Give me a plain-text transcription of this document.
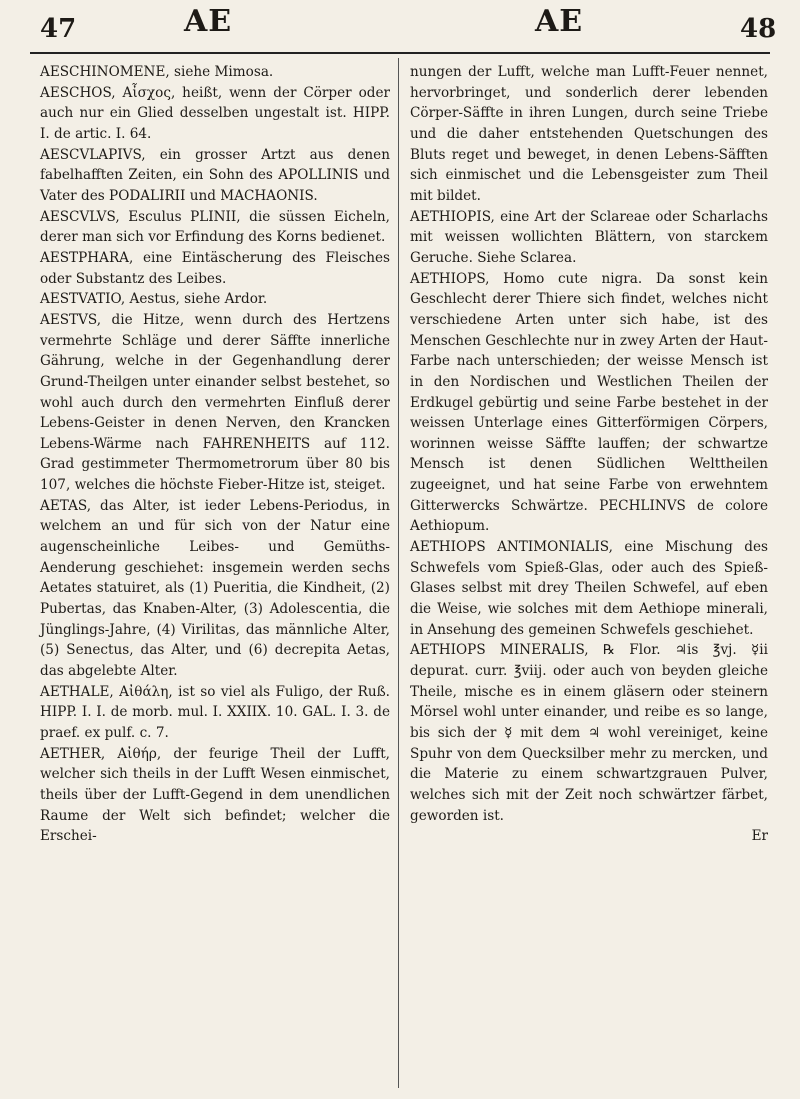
47	AE	AE	48

AESCHINOMENE, siehe Mimosa.

AESCHOS, Αἶσχος, heißt, wenn der Cörper oder auch nur ein Glied desselben ungestalt ist. HIPP. I. de artic. I. 64.

AESCVLAPIVS, ein grosser Artzt aus denen fabelhafften Zeiten, ein Sohn des APOLLINIS und Vater des PODALIRII und MACHAONIS.

AESCVLVS, Esculus PLINII, die süssen Eicheln, derer man sich vor Erfindung des Korns bedienet.

AESTPHARA, eine Eintäscherung des Fleisches oder Substantz des Leibes.

AESTVATIO, Aestus, siehe Ardor.

AESTVS, die Hitze, wenn durch des Hertzens vermehrte Schläge und derer Säffte innerliche Gährung, welche in der Gegenhandlung derer Grund-Theilgen unter einander selbst bestehet, so wohl auch durch den vermehrten Einfluß derer Lebens-Geister in denen Nerven, den Krancken Lebens-Wärme nach FAHRENHEITS auf 112. Grad gestimmeter Thermometrorum über 80 bis 107, welches die höchste Fieber-Hitze ist, steiget.

AETAS, das Alter, ist ieder Lebens-Periodus, in welchem an und für sich von der Natur eine augenscheinliche Leibes- und Gemüths-Aenderung geschiehet: insgemein werden sechs Aetates statuiret, als (1) Pueritia, die Kindheit, (2) Pubertas, das Knaben-Alter, (3) Adolescentia, die Jünglings-Jahre, (4) Virilitas, das männliche Alter, (5) Senectus, das Alter, und (6) decrepita Aetas, das abgelebte Alter.

AETHALE, Αἰθάλη, ist so viel als Fuligo, der Ruß. HIPP. I. I. de morb. mul. I. XXIIX. 10. GAL. I. 3. de praef. ex pulf. c. 7.

AETHER, Αἰθήρ, der feurige Theil der Lufft, welcher sich theils in der Lufft Wesen einmischet, theils über der Lufft-Gegend in dem unendlichen Raume der Welt sich befindet; welcher die Erschei-

nungen der Lufft, welche man Lufft-Feuer nennet, hervorbringet, und sonderlich derer lebenden Cörper-Säffte in ihren Lungen, durch seine Triebe und die daher entstehenden Quetschungen des Bluts reget und beweget, in denen Lebens-Säfften sich einmischet und die Lebensgeister zum Theil mit bildet.

AETHIOPIS, eine Art der Sclareae oder Scharlachs mit weissen wollichten Blättern, von starckem Geruche. Siehe Sclarea.

AETHIOPS, Homo cute nigra. Da sonst kein Geschlecht derer Thiere sich findet, welches nicht verschiedene Arten unter sich habe, ist des Menschen Geschlechte nur in zwey Arten der Haut-Farbe nach unterschieden; der weisse Mensch ist in den Nordischen und Westlichen Theilen der Erdkugel gebürtig und seine Farbe bestehet in der weissen Unterlage eines Gitterförmigen Cörpers, worinnen weisse Säffte lauffen; der schwartze Mensch ist denen Südlichen Welttheilen zugeeignet, und hat seine Farbe von erwehntem Gitterwercks Schwärtze. PECHLINVS de colore Aethiopum.

AETHIOPS ANTIMONIALIS, eine Mischung des Schwefels vom Spieß-Glas, oder auch des Spieß-Glases selbst mit drey Theilen Schwefel, auf eben die Weise, wie solches mit dem Aethiope minerali, in Ansehung des gemeinen Schwefels geschiehet.

AETHIOPS MINERALIS, ℞ Flor. ♃is ℥vj. ☿ii depurat. curr. ℥viij. oder auch von beyden gleiche Theile, mische es in einem gläsern oder steinern Mörsel wohl unter einander, und reibe es so lange, bis sich der ☿ mit dem ♃ wohl vereiniget, keine Spuhr von dem Quecksilber mehr zu mercken, und die Materie zu einem schwartzgrauen Pulver, welches sich mit der Zeit noch schwärtzer färbet, geworden ist.

Er
